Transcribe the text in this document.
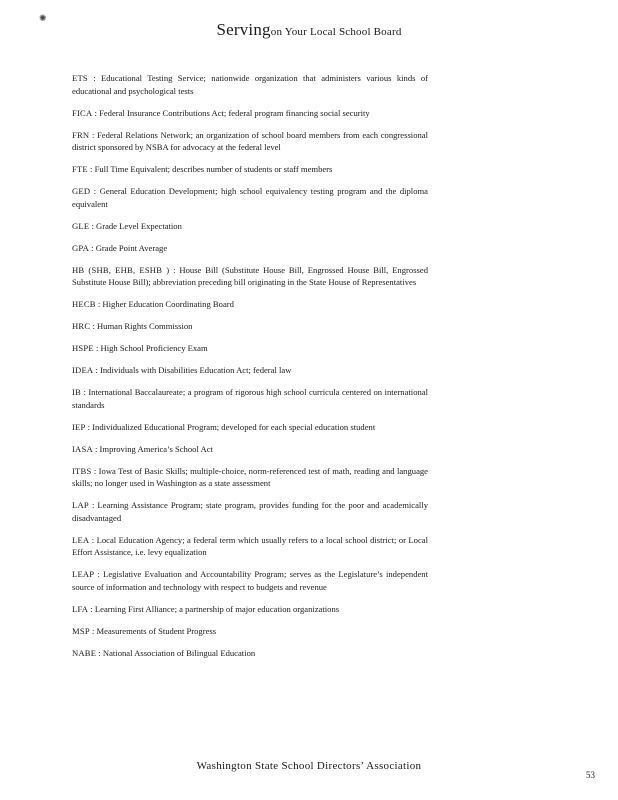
Serving
✺
on Your Local School Board
ETS : Educational Testing Service; nationwide organization that administers various kinds of educational and psychological tests
FICA : Federal Insurance Contributions Act; federal program financing social security
FRN : Federal Relations Network; an organization of school board members from each congressional district sponsored by NSBA for advocacy at the federal level
FTE : Full Time Equivalent; describes number of students or staff members
GED : General Education Development; high school equivalency testing program and the diploma equivalent
GLE : Grade Level Expectation
GPA : Grade Point Average
HB (SHB, EHB, ESHB ) : House Bill (Substitute House Bill, Engrossed House Bill, Engrossed Substitute House Bill); abbreviation preceding bill originating in the State House of Representatives
HECB : Higher Education Coordinating Board
HRC : Human Rights Commission
HSPE : High School Proficiency Exam
IDEA : Individuals with Disabilities Education Act; federal law
IB : International Baccalaureate; a program of rigorous high school curricula centered on international standards
IEP : Individualized Educational Program; developed for each special education student
IASA : Improving America’s School Act
ITBS : Iowa Test of Basic Skills; multiple-choice, norm-referenced test of math, reading and language skills; no longer used in Washington as a state assessment
LAP : Learning Assistance Program; state program, provides funding for the poor and academically disadvantaged
LEA : Local Education Agency; a federal term which usually refers to a local school district; or Local Effort Assistance, i.e. levy equalization
LEAP : Legislative Evaluation and Accountability Program; serves as the Legislature’s independent source of information and technology with respect to budgets and revenue
LFA : Learning First Alliance; a partnership of major education organizations
MSP : Measurements of Student Progress
NABE : National Association of Bilingual Education
Washington State School Directors’ Association
53
